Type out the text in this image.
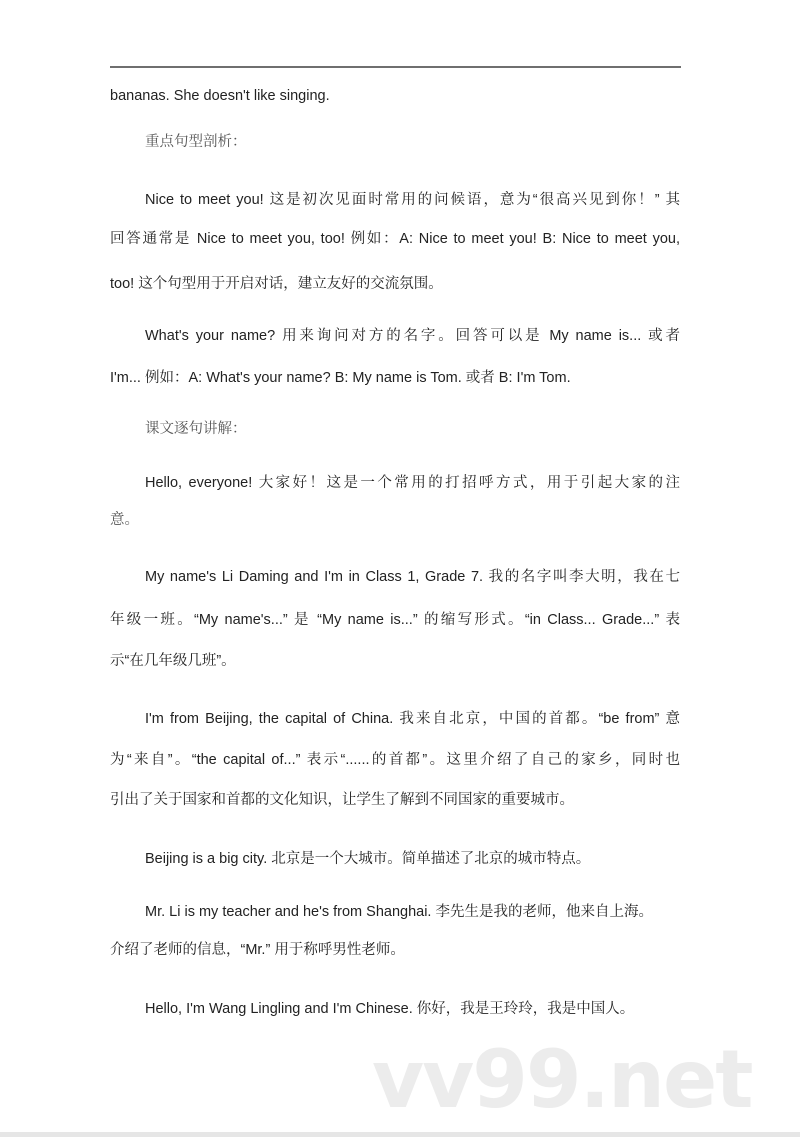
bananas. She doesn't like singing.
重点句型剖析：
Nice to meet you! 这是初次见面时常用的问候语，意为“很高兴见到你！” 其
回答通常是 Nice to meet you, too! 例如：A: Nice to meet you! B: Nice to meet you,
too! 这个句型用于开启对话，建立友好的交流氛围。
What's your name? 用来询问对方的名字。回答可以是 My name is... 或者
I'm... 例如：A: What's your name? B: My name is Tom. 或者 B: I'm Tom.
课文逐句讲解：
Hello, everyone! 大家好！这是一个常用的打招呼方式，用于引起大家的注
意。
My name's Li Daming and I'm in Class 1, Grade 7. 我的名字叫李大明，我在七
年级一班。“My name's...” 是 “My name is...” 的缩写形式。“in Class... Grade...” 表
示“在几年级几班”。
I'm from Beijing, the capital of China. 我来自北京，中国的首都。“be from” 意
为“来自”。“the capital of...” 表示“......的首都”。这里介绍了自己的家乡，同时也
引出了关于国家和首都的文化知识，让学生了解到不同国家的重要城市。
Beijing is a big city. 北京是一个大城市。简单描述了北京的城市特点。
Mr. Li is my teacher and he's from Shanghai. 李先生是我的老师，他来自上海。
介绍了老师的信息，“Mr.” 用于称呼男性老师。
Hello, I'm Wang Lingling and I'm Chinese. 你好，我是王玲玲，我是中国人。
vv99.net
